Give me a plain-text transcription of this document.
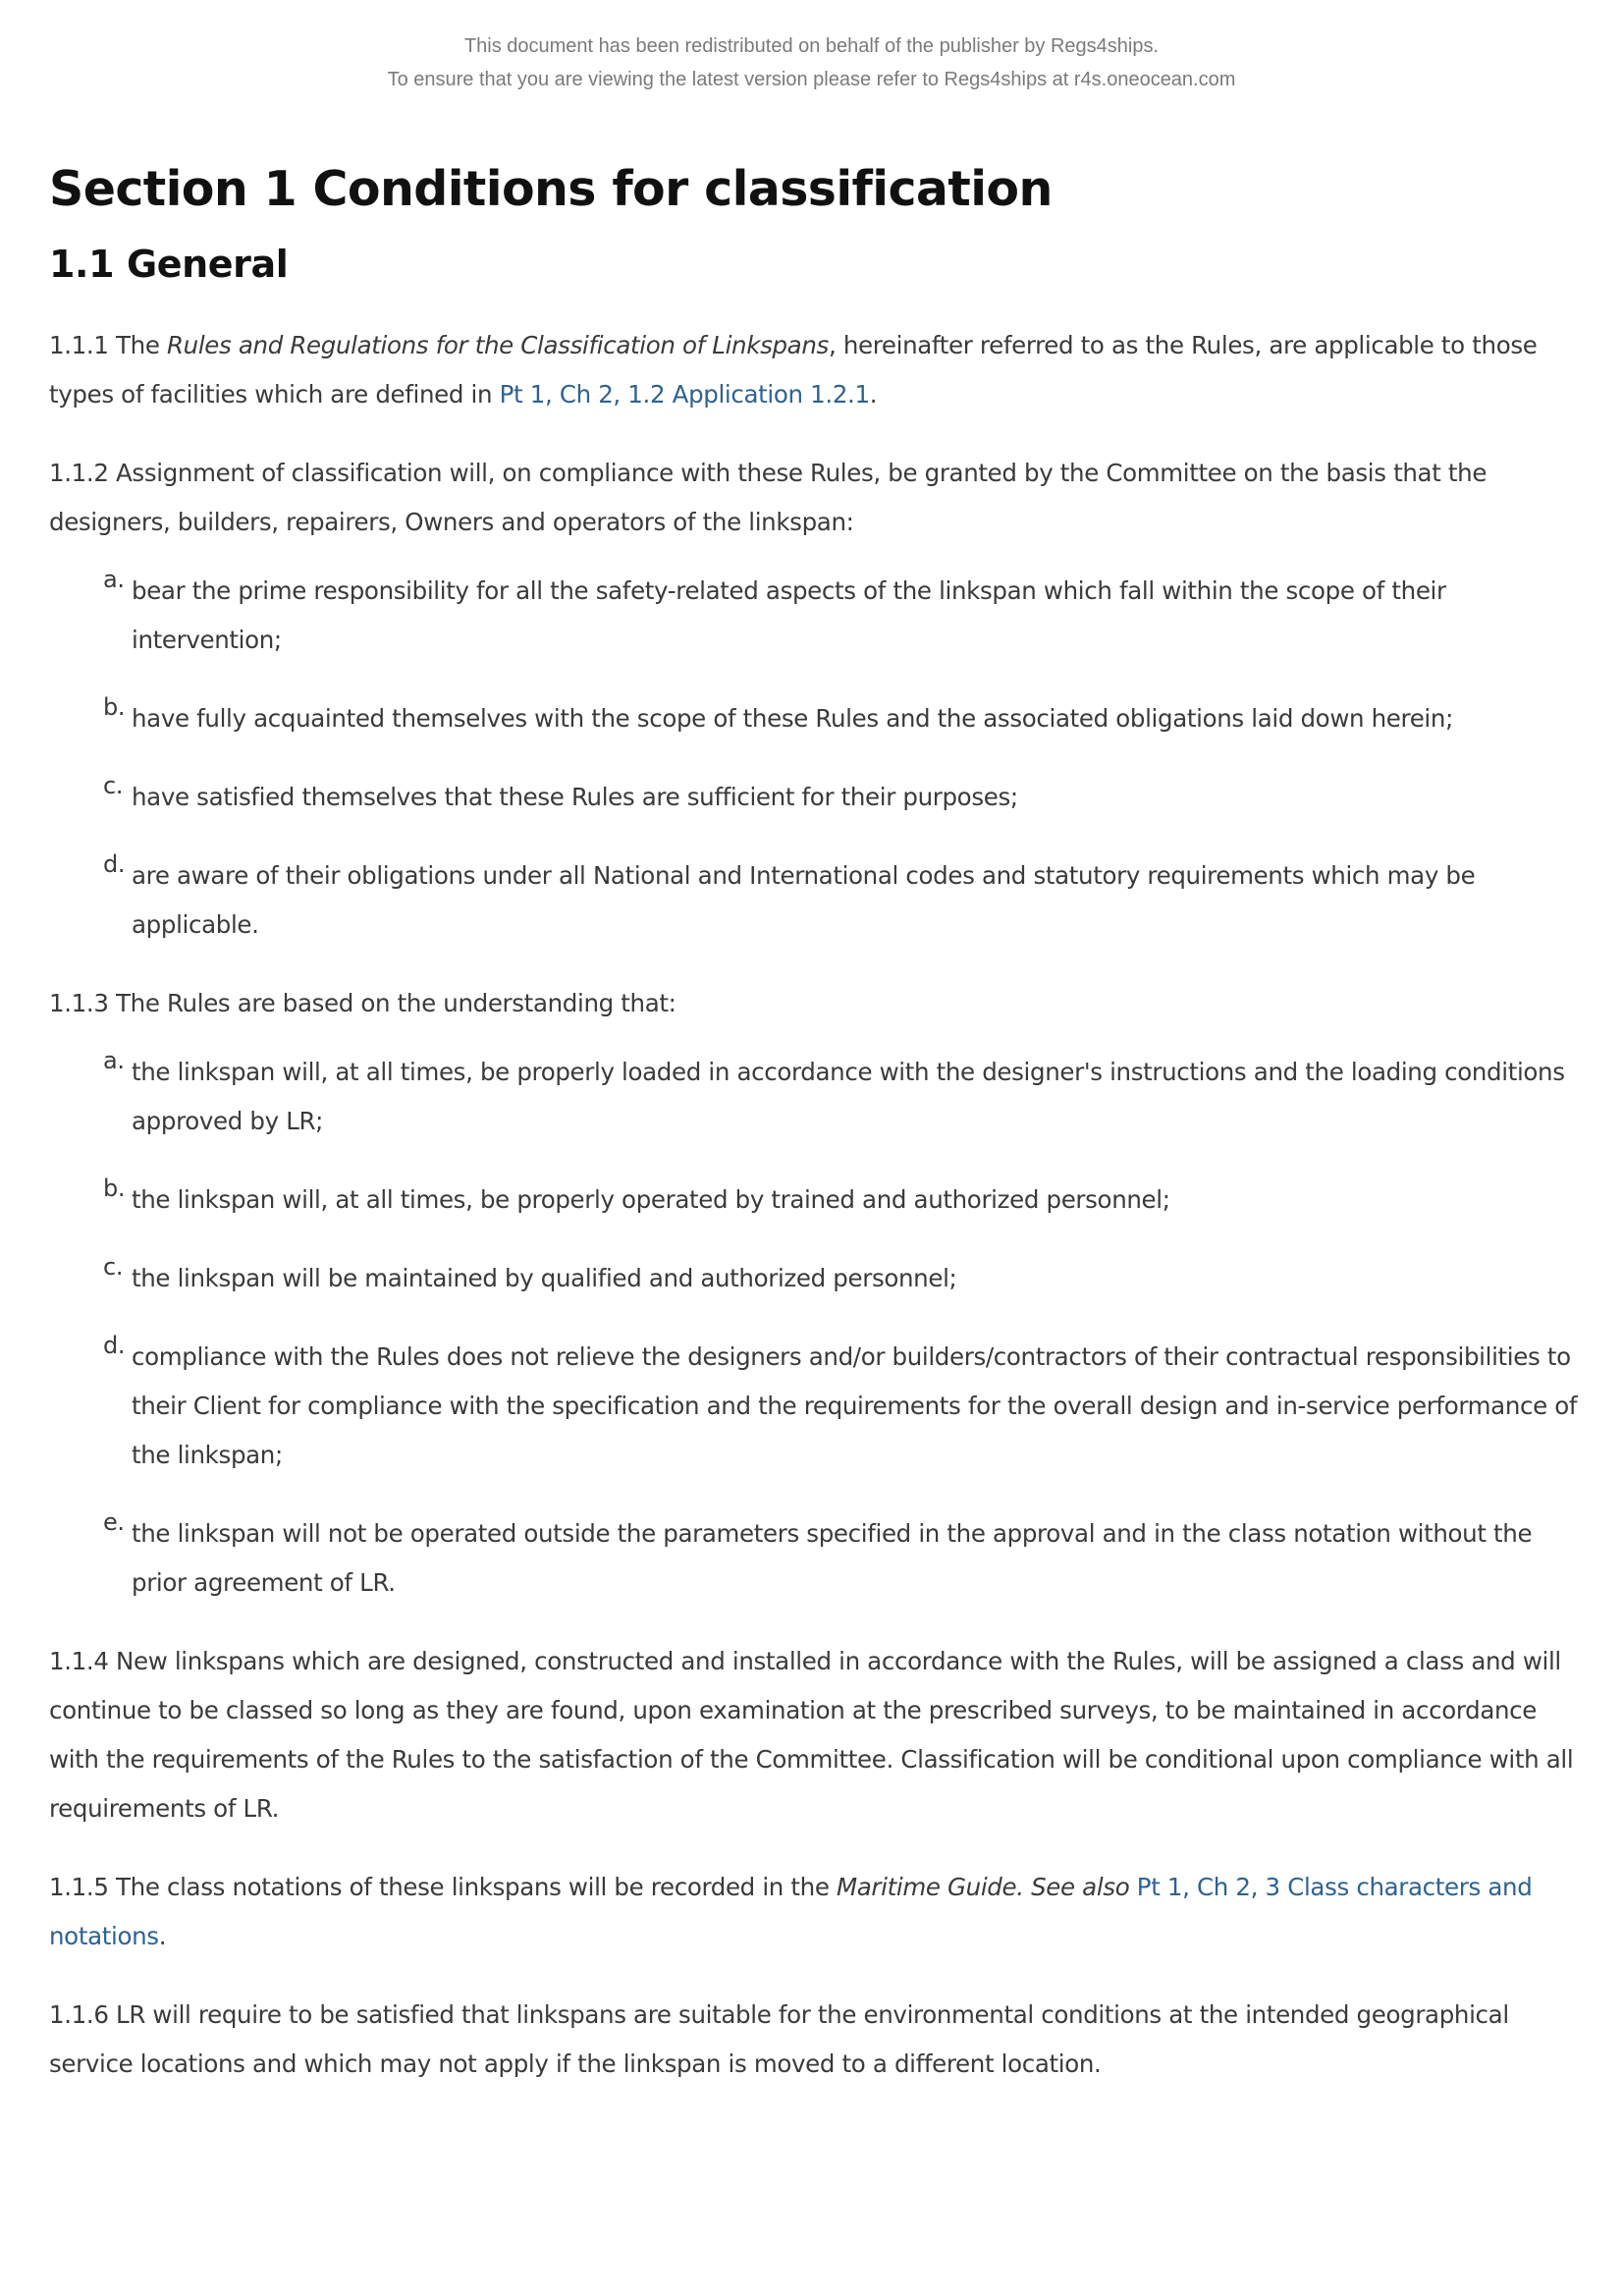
This document has been redistributed on behalf of the publisher by Regs4ships.
To ensure that you are viewing the latest version please refer to Regs4ships at r4s.oneocean.com
Section 1 Conditions for classification
1.1 General

1.1.1 The Rules and Regulations for the Classification of Linkspans, hereinafter referred to as the Rules, are applicable to those types of facilities which are defined in Pt 1, Ch 2, 1.2 Application 1.2.1.

1.1.2 Assignment of classification will, on compliance with these Rules, be granted by the Committee on the basis that the designers, builders, repairers, Owners and operators of the linkspan:

a. bear the prime responsibility for all the safety-related aspects of the linkspan which fall within the scope of their intervention;
b. have fully acquainted themselves with the scope of these Rules and the associated obligations laid down herein;
c. have satisfied themselves that these Rules are sufficient for their purposes;
d. are aware of their obligations under all National and International codes and statutory requirements which may be applicable.

1.1.3 The Rules are based on the understanding that:

a. the linkspan will, at all times, be properly loaded in accordance with the designer's instructions and the loading conditions approved by LR;
b. the linkspan will, at all times, be properly operated by trained and authorized personnel;
c. the linkspan will be maintained by qualified and authorized personnel;
d. compliance with the Rules does not relieve the designers and/or builders/contractors of their contractual responsibilities to their Client for compliance with the specification and the requirements for the overall design and in-service performance of the linkspan;
e. the linkspan will not be operated outside the parameters specified in the approval and in the class notation without the prior agreement of LR.

1.1.4 New linkspans which are designed, constructed and installed in accordance with the Rules, will be assigned a class and will continue to be classed so long as they are found, upon examination at the prescribed surveys, to be maintained in accordance with the requirements of the Rules to the satisfaction of the Committee. Classification will be conditional upon compliance with all requirements of LR.

1.1.5 The class notations of these linkspans will be recorded in the Maritime Guide. See also Pt 1, Ch 2, 3 Class characters and notations.

1.1.6 LR will require to be satisfied that linkspans are suitable for the environmental conditions at the intended geographical service locations and which may not apply if the linkspan is moved to a different location.
